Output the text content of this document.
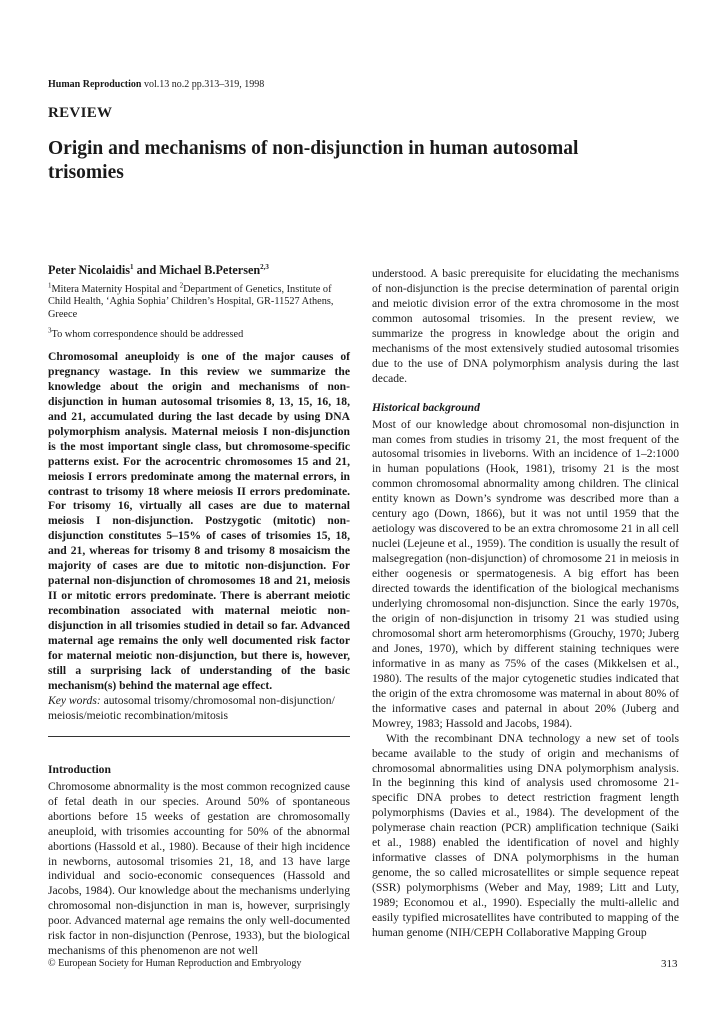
Human Reproduction vol.13 no.2 pp.313–319, 1998
REVIEW
Origin and mechanisms of non-disjunction in human autosomal trisomies
Peter Nicolaidis$^1$ and Michael B.Petersen$^{2,3}$
$^1$Mitera Maternity Hospital and $^2$Department of Genetics, Institute of Child Health, ‘Aghia Sophia’ Children’s Hospital, GR-11527 Athens, Greece
$^3$To whom correspondence should be addressed

Chromosomal aneuploidy is one of the major causes of pregnancy wastage. In this review we summarize the knowledge about the origin and mechanisms of non-disjunction in human autosomal trisomies 8, 13, 15, 16, 18, and 21, accumulated during the last decade by using DNA polymorphism analysis. Maternal meiosis I non-disjunction is the most important single class, but chromosome-specific patterns exist. For the acrocentric chromosomes 15 and 21, meiosis I errors predominate among the maternal errors, in contrast to trisomy 18 where meiosis II errors predominate. For trisomy 16, virtually all cases are due to maternal meiosis I non-disjunction. Postzygotic (mitotic) non-disjunction constitutes 5–15% of cases of trisomies 15, 18, and 21, whereas for trisomy 8 and trisomy 8 mosaicism the majority of cases are due to mitotic non-disjunction. For paternal non-disjunction of chromosomes 18 and 21, meiosis II or mitotic errors predominate. There is aberrant meiotic recombination associated with maternal meiotic non-disjunction in all trisomies studied in detail so far. Advanced maternal age remains the only well documented risk factor for maternal meiotic non-disjunction, but there is, however, still a surprising lack of understanding of the basic mechanism(s) behind the maternal age effect.

Key words: autosomal trisomy/chromosomal non-disjunction/ meiosis/meiotic recombination/mitosis

Introduction

Chromosome abnormality is the most common recognized cause of fetal death in our species. Around 50% of spontaneous abortions before 15 weeks of gestation are chromosomally aneuploid, with trisomies accounting for 50% of the abnormal abortions (Hassold et al., 1980). Because of their high incidence in newborns, autosomal trisomies 21, 18, and 13 have large individual and socio-economic consequences (Hassold and Jacobs, 1984). Our knowledge about the mechanisms underlying chromosomal non-disjunction in man is, however, surprisingly poor. Advanced maternal age remains the only well-documented risk factor in non-disjunction (Penrose, 1933), but the biological mechanisms of this phenomenon are not well

understood. A basic prerequisite for elucidating the mechanisms of non-disjunction is the precise determination of parental origin and meiotic division error of the extra chromosome in the most common autosomal trisomies. In the present review, we summarize the progress in knowledge about the origin and mechanisms of the most extensively studied autosomal trisomies due to the use of DNA polymorphism analysis during the last decade.

Historical background

Most of our knowledge about chromosomal non-disjunction in man comes from studies in trisomy 21, the most frequent of the autosomal trisomies in liveborns. With an incidence of 1–2:1000 in human populations (Hook, 1981), trisomy 21 is the most common chromosomal abnormality among children. The clinical entity known as Down’s syndrome was described more than a century ago (Down, 1866), but it was not until 1959 that the aetiology was discovered to be an extra chromosome 21 in all cell nuclei (Lejeune et al., 1959). The condition is usually the result of malsegregation (non-disjunction) of chromosome 21 in meiosis in either oogenesis or spermatogenesis. A big effort has been directed towards the identification of the biological mechanisms underlying chromosomal non-disjunction. Since the early 1970s, the origin of non-disjunction in trisomy 21 was studied using chromosomal short arm heteromorphisms (Grouchy, 1970; Juberg and Jones, 1970), which by different staining techniques were informative in as many as 75% of the cases (Mikkelsen et al., 1980). The results of the major cytogenetic studies indicated that the origin of the extra chromosome was maternal in about 80% of the informative cases and paternal in about 20% (Juberg and Mowrey, 1983; Hassold and Jacobs, 1984).

With the recombinant DNA technology a new set of tools became available to the study of origin and mechanisms of chromosomal abnormalities using DNA polymorphism analysis. In the beginning this kind of analysis used chromosome 21-specific DNA probes to detect restriction fragment length polymorphisms (Davies et al., 1984). The development of the polymerase chain reaction (PCR) amplification technique (Saiki et al., 1988) enabled the identification of novel and highly informative classes of DNA polymorphisms in the human genome, the so called microsatellites or simple sequence repeat (SSR) polymorphisms (Weber and May, 1989; Litt and Luty, 1989; Economou et al., 1990). Especially the multi-allelic and easily typified microsatellites have contributed to mapping of the human genome (NIH/CEPH Collaborative Mapping Group

© European Society for Human Reproduction and Embryology	313
